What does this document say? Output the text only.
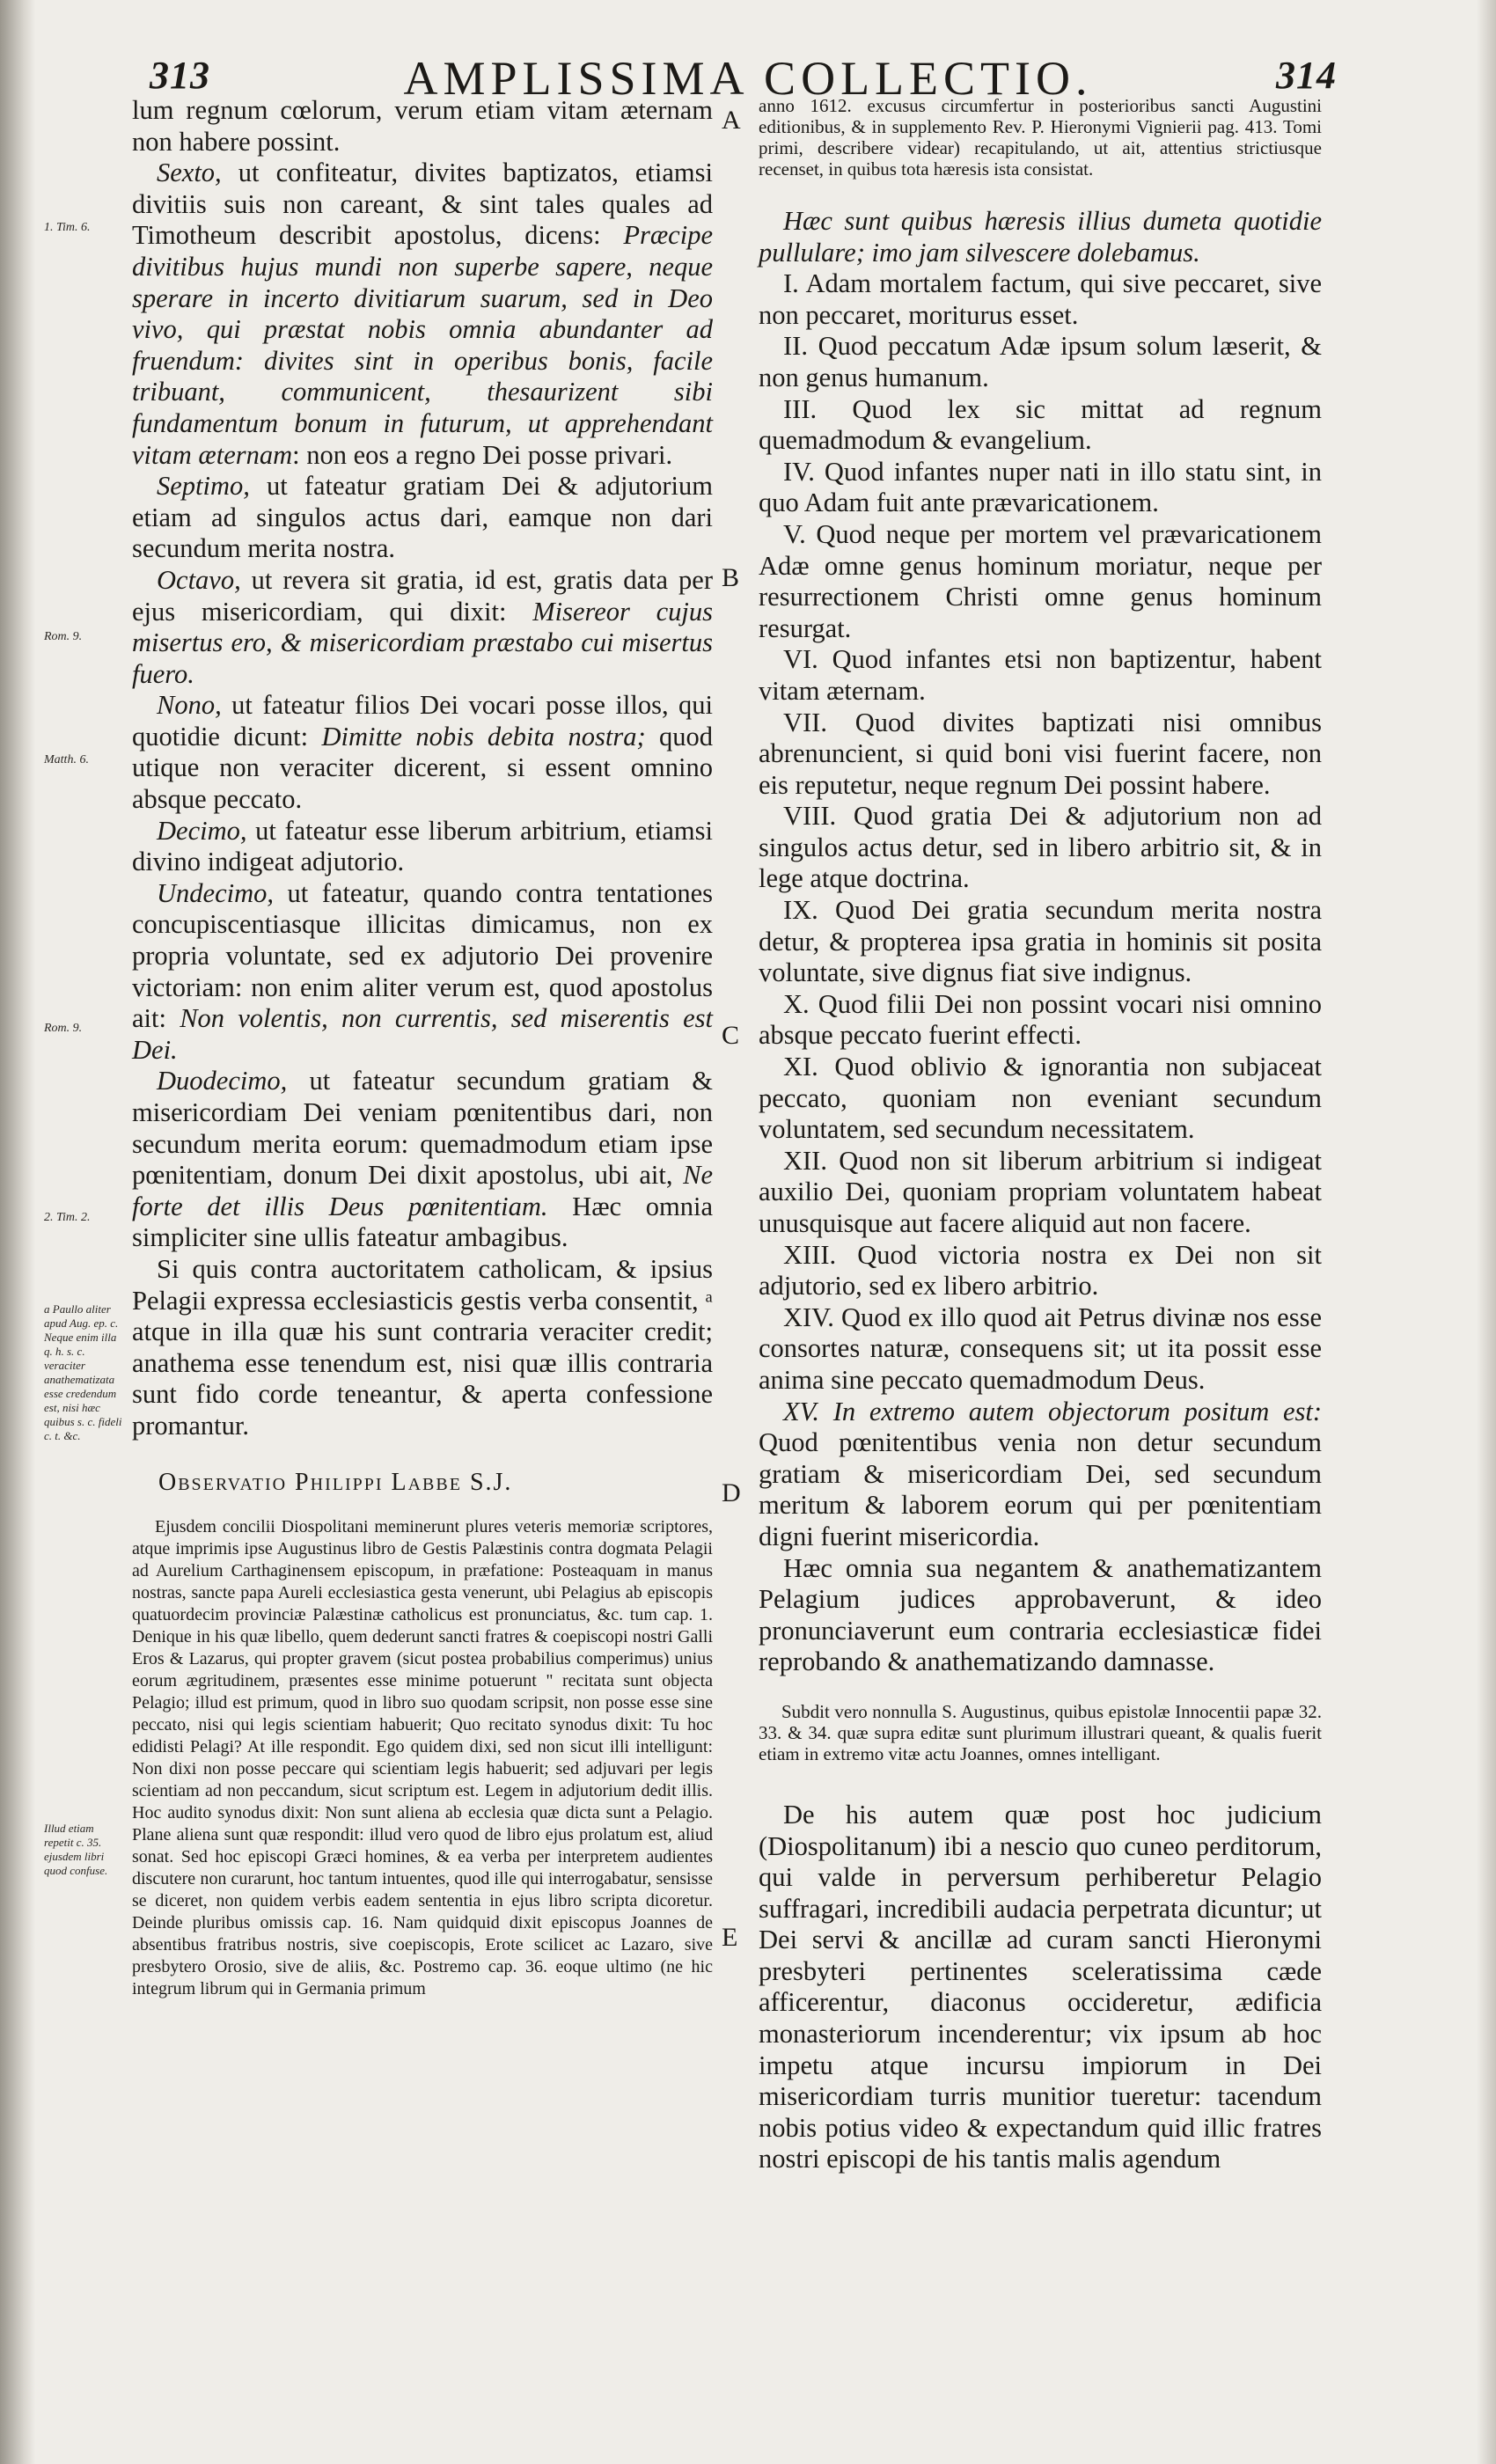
313	AMPLISSIMA COLLECTIO.	314
1. Tim. 6.
Rom. 9.
Matth. 6.
Rom. 9.
2. Tim. 2.
a Paullo aliter apud Aug. ep. c. Neque enim illa q. h. s. c. veraciter anathematizata esse credendum est, nisi hæc quibus s. c. fideli c. t. &c.
Illud etiam repetit c. 35. ejusdem libri quod confuse.
A
B
C
D
E

lum regnum cœlorum, verum etiam vitam æternam non habere possint.

Sexto, ut confiteatur, divites baptizatos, etiamsi divitiis suis non careant, & sint tales quales ad Timotheum describit apostolus, dicens: Præcipe divitibus hujus mundi non superbe sapere, neque sperare in incerto divitiarum suarum, sed in Deo vivo, qui præstat nobis omnia abundanter ad fruendum: divites sint in operibus bonis, facile tribuant, communicent, thesaurizent sibi fundamentum bonum in futurum, ut apprehendant vitam æternam: non eos a regno Dei posse privari.

Septimo, ut fateatur gratiam Dei & adjutorium etiam ad singulos actus dari, eamque non dari secundum merita nostra.

Octavo, ut revera sit gratia, id est, gratis data per ejus misericordiam, qui dixit: Misereor cujus misertus ero, & misericordiam præstabo cui misertus fuero.

Nono, ut fateatur filios Dei vocari posse illos, qui quotidie dicunt: Dimitte nobis debita nostra; quod utique non veraciter dicerent, si essent omnino absque peccato.

Decimo, ut fateatur esse liberum arbitrium, etiamsi divino indigeat adjutorio.

Undecimo, ut fateatur, quando contra tentationes concupiscentiasque illicitas dimicamus, non ex propria voluntate, sed ex adjutorio Dei provenire victoriam: non enim aliter verum est, quod apostolus ait: Non volentis, non currentis, sed miserentis est Dei.

Duodecimo, ut fateatur secundum gratiam & misericordiam Dei veniam pœnitentibus dari, non secundum merita eorum: quemadmodum etiam ipse pœnitentiam, donum Dei dixit apostolus, ubi ait, Ne forte det illis Deus pœnitentiam. Hæc omnia simpliciter sine ullis fateatur ambagibus.

Si quis contra auctoritatem catholicam, & ipsius Pelagii expressa ecclesiasticis gestis verba consentit, ᵃ atque in illa quæ his sunt contraria veraciter credit; anathema esse tenendum est, nisi quæ illis contraria sunt fido corde teneantur, & aperta confessione promantur.

Observatio Philippi Labbe S.J.

Ejusdem concilii Diospolitani meminerunt plures veteris memoriæ scriptores, atque imprimis ipse Augustinus libro de Gestis Palæstinis contra dogmata Pelagii ad Aurelium Carthaginensem episcopum, in præfatione: Posteaquam in manus nostras, sancte papa Aureli ecclesiastica gesta venerunt, ubi Pelagius ab episcopis quatuordecim provinciæ Palæstinæ catholicus est pronunciatus, &c. tum cap. 1. Denique in his quæ libello, quem dederunt sancti fratres & coepiscopi nostri Galli Eros & Lazarus, qui propter gravem (sicut postea probabilius comperimus) unius eorum ægritudinem, præsentes esse minime potuerunt " recitata sunt objecta Pelagio; illud est primum, quod in libro suo quodam scripsit, non posse esse sine peccato, nisi qui legis scientiam habuerit; Quo recitato synodus dixit: Tu hoc edidisti Pelagi? At ille respondit. Ego quidem dixi, sed non sicut illi intelligunt: Non dixi non posse peccare qui scientiam legis habuerit; sed adjuvari per legis scientiam ad non peccandum, sicut scriptum est. Legem in adjutorium dedit illis. Hoc audito synodus dixit: Non sunt aliena ab ecclesia quæ dicta sunt a Pelagio. Plane aliena sunt quæ respondit: illud vero quod de libro ejus prolatum est, aliud sonat. Sed hoc episcopi Græci homines, & ea verba per interpretem audientes discutere non curarunt, hoc tantum intuentes, quod ille qui interrogabatur, sensisse se diceret, non quidem verbis eadem sententia in ejus libro scripta dicoretur. Deinde pluribus omissis cap. 16. Nam quidquid dixit episcopus Joannes de absentibus fratribus nostris, sive coepiscopis, Erote scilicet ac Lazaro, sive presbytero Orosio, sive de aliis, &c. Postremo cap. 36. eoque ultimo (ne hic integrum librum qui in Germania primum

anno 1612. excusus circumfertur in posterioribus sancti Augustini editionibus, & in supplemento Rev. P. Hieronymi Vignierii pag. 413. Tomi primi, describere videar) recapitulando, ut ait, attentius strictiusque recenset, in quibus tota hæresis ista consistat.

Hæc sunt quibus hæresis illius dumeta quotidie pullulare; imo jam silvescere dolebamus.

I. Adam mortalem factum, qui sive peccaret, sive non peccaret, moriturus esset.

II. Quod peccatum Adæ ipsum solum læserit, & non genus humanum.

III. Quod lex sic mittat ad regnum quemadmodum & evangelium.

IV. Quod infantes nuper nati in illo statu sint, in quo Adam fuit ante prævaricationem.

V. Quod neque per mortem vel prævaricationem Adæ omne genus hominum moriatur, neque per resurrectionem Christi omne genus hominum resurgat.

VI. Quod infantes etsi non baptizentur, habent vitam æternam.

VII. Quod divites baptizati nisi omnibus abrenuncient, si quid boni visi fuerint facere, non eis reputetur, neque regnum Dei possint habere.

VIII. Quod gratia Dei & adjutorium non ad singulos actus detur, sed in libero arbitrio sit, & in lege atque doctrina.

IX. Quod Dei gratia secundum merita nostra detur, & propterea ipsa gratia in hominis sit posita voluntate, sive dignus fiat sive indignus.

X. Quod filii Dei non possint vocari nisi omnino absque peccato fuerint effecti.

XI. Quod oblivio & ignorantia non subjaceat peccato, quoniam non eveniant secundum voluntatem, sed secundum necessitatem.

XII. Quod non sit liberum arbitrium si indigeat auxilio Dei, quoniam propriam voluntatem habeat unusquisque aut facere aliquid aut non facere.

XIII. Quod victoria nostra ex Dei non sit adjutorio, sed ex libero arbitrio.

XIV. Quod ex illo quod ait Petrus divinæ nos esse consortes naturæ, consequens sit; ut ita possit esse anima sine peccato quemadmodum Deus.

XV. In extremo autem objectorum positum est: Quod pœnitentibus venia non detur secundum gratiam & misericordiam Dei, sed secundum meritum & laborem eorum qui per pœnitentiam digni fuerint misericordia.

Hæc omnia sua negantem & anathematizantem Pelagium judices approbaverunt, & ideo pronunciaverunt eum contraria ecclesiasticæ fidei reprobando & anathematizando damnasse.

Subdit vero nonnulla S. Augustinus, quibus epistolæ Innocentii papæ 32. 33. & 34. quæ supra editæ sunt plurimum illustrari queant, & qualis fuerit etiam in extremo vitæ actu Joannes, omnes intelligant.

De his autem quæ post hoc judicium (Diospolitanum) ibi a nescio quo cuneo perditorum, qui valde in perversum perhiberetur Pelagio suffragari, incredibili audacia perpetrata dicuntur; ut Dei servi & ancillæ ad curam sancti Hieronymi presbyteri pertinentes sceleratissima cæde afficerentur, diaconus occideretur, ædificia monasteriorum incenderentur; vix ipsum ab hoc impetu atque incursu impiorum in Dei misericordiam turris munitior tueretur: tacendum nobis potius video & expectandum quid illic fratres nostri episcopi de his tantis malis agendum
